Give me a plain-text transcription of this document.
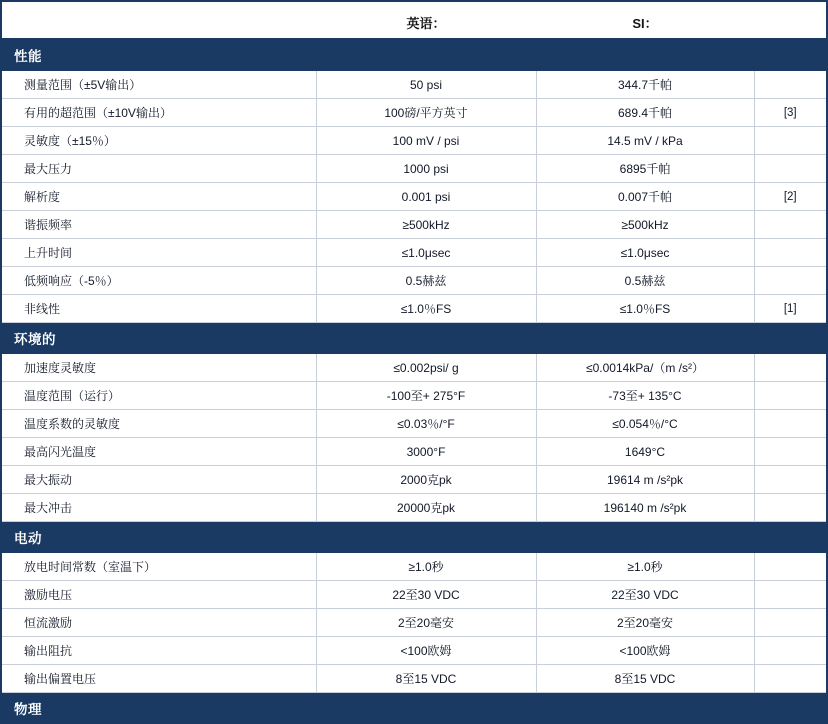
	英语：	SI：	
性能			
测量范围（±5V输出）	50 psi	344.7千帕	
有用的超范围（±10V输出）	100磅/平方英寸	689.4千帕	[3]
灵敏度（±15％）	100 mV / psi	14.5 mV / kPa	
最大压力	1000 psi	6895千帕	
解析度	0.001 psi	0.007千帕	[2]
谐振频率	≥500kHz	≥500kHz	
上升时间	≤1.0μsec	≤1.0μsec	
低频响应（-5％）	0.5赫兹	0.5赫兹	
非线性	≤1.0％FS	≤1.0％FS	[1]
环境的			
加速度灵敏度	≤0.002psi/ g	≤0.0014kPa/（m /s²）	
温度范围（运行）	-100至+ 275°F	-73至+ 135°C	
温度系数的灵敏度	≤0.03％/°F	≤0.054％/°C	
最高闪光温度	3000°F	1649°C	
最大振动	2000克pk	19614 m /s²pk	
最大冲击	20000克pk	196140 m /s²pk	
电动			
放电时间常数（室温下）	≥1.0秒	≥1.0秒	
激励电压	22至30 VDC	22至30 VDC	
恒流激励	2至20毫安	2至20毫安	
输出阻抗	<100欧姆	<100欧姆	
输出偏置电压	8至15 VDC	8至15 VDC	
物理			
